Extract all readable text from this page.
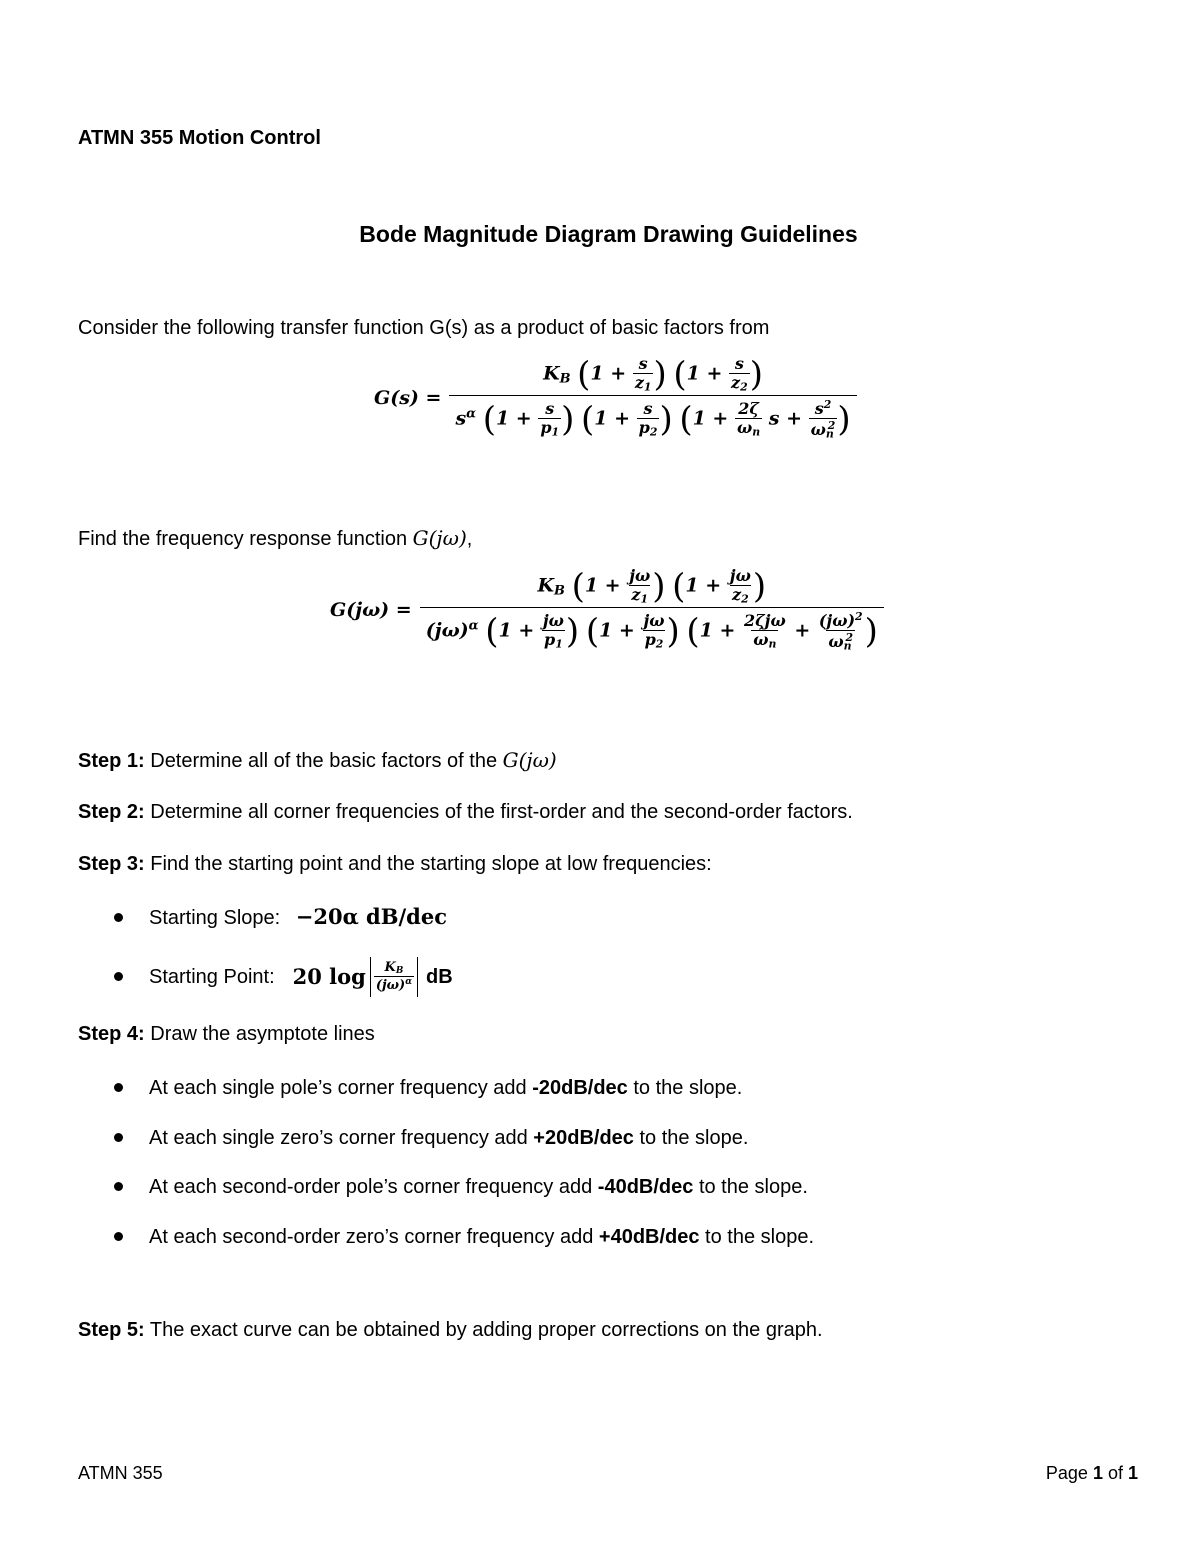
ATMN 355 Motion Control
Bode Magnitude Diagram Drawing Guidelines
Consider the following transfer function G(s) as a product of basic factors from
G(s) =
$K_B$ ($1 + \frac{s}{z_1}$ ) ($1 + \frac{s}{z_2}$ )
$s^\alpha$ ($1 + \frac{s}{p_1}$ ) ($1 + \frac{s}{p_2}$ ) ($1 + \frac{2\zeta}{\omega_n}$ $s + \frac{s^2}{\omega_n^2}$ )
Find the frequency response function G(jω),
G(jω) =
$K_B$ ($1 + \frac{j\omega}{z_1}$ ) ($1 + \frac{j\omega}{z_2}$ )
$(j\omega)^\alpha$ ($1 + \frac{j\omega}{p_1}$ ) ($1 + \frac{j\omega}{p_2}$ ) ($1 + \frac{\text{2ζjω}}{\omega_n} + \frac{(j\omega)^2}{\omega_n^2}$ )
Step 1: Determine all of the basic factors of the G(jω)
Step 2: Determine all corner frequencies of the first-order and the second-order factors.
Step 3: Find the starting point and the starting slope at low frequencies:
Starting Slope: −20α dB/dec
Starting Point: 20 $\log \frac{K_B}{(j\omega)^\alpha}$ dB
Step 4: Draw the asymptote lines
At each single pole’s corner frequency add -20dB/dec to the slope.
At each single zero’s corner frequency add +20dB/dec to the slope.
At each second-order pole’s corner frequency add -40dB/dec to the slope.
At each second-order zero’s corner frequency add +40dB/dec to the slope.
Step 5: The exact curve can be obtained by adding proper corrections on the graph.
ATMN 355	Page 1 of 1
